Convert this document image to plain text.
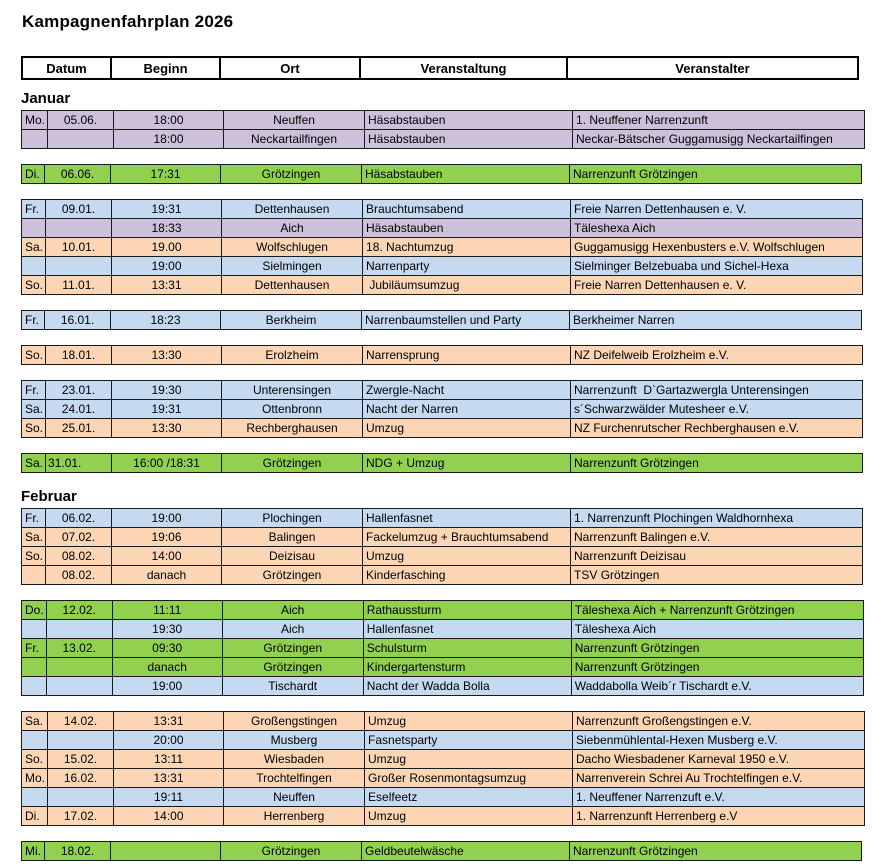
Kampagnenfahrplan 2026
Datum	Beginn	Ort	Veranstaltung	Veranstalter
Januar
Mo.	05.06.	18:00	Neuffen	Häsabstauben	1. Neuffener Narrenzunft
		18:00	Neckartailfingen	Häsabstauben	Neckar-Bätscher Guggamusigg Neckartailfingen
Di.	06.06.	17:31	Grötzingen	Häsabstauben	Narrenzunft Grötzingen
Fr.	09.01.	19:31	Dettenhausen	Brauchtumsabend	Freie Narren Dettenhausen e. V.
		18:33	Aich	Häsabstauben	Täleshexa Aich
Sa.	10.01.	19.00	Wolfschlugen	18. Nachtumzug	Guggamusigg Hexenbusters e.V. Wolfschlugen
		19:00	Sielmingen	Narrenparty	Sielminger Belzebuaba und Sichel-Hexa
So.	11.01.	13:31	Dettenhausen	Jubiläumsumzug	Freie Narren Dettenhausen e. V.
Fr.	16.01.	18:23	Berkheim	Narrenbaumstellen und Party	Berkheimer Narren
So.	18.01.	13:30	Erolzheim	Narrensprung	NZ Deifelweib Erolzheim e.V.
Fr.	23.01.	19:30	Unterensingen	Zwergle-Nacht	Narrenzunft  D`Gartazwergla Unterensingen
Sa.	24.01.	19:31	Ottenbronn	Nacht der Narren	s´Schwarzwälder Mutesheer e.V.
So.	25.01.	13:30	Rechberghausen	Umzug	NZ Furchenrutscher Rechberghausen e.V.
Sa.	31.01.	16:00 /18:31	Grötzingen	NDG + Umzug	Narrenzunft Grötzingen
Februar
Fr.	06.02.	19:00	Plochingen	Hallenfasnet	1. Narrenzunft Plochingen Waldhornhexa
Sa.	07.02.	19:06	Balingen	Fackelumzug + Brauchtumsabend	Narrenzunft Balingen e.V.
So.	08.02.	14:00	Deizisau	Umzug	Narrenzunft Deizisau
	08.02.	danach	Grötzingen	Kinderfasching	TSV Grötzingen
Do.	12.02.	11:11	Aich	Rathaussturm	Täleshexa Aich + Narrenzunft Grötzingen
		19:30	Aich	Hallenfasnet	Täleshexa Aich
Fr.	13.02.	09:30	Grötzingen	Schulsturm	Narrenzunft Grötzingen
		danach	Grötzingen	Kindergartensturm	Narrenzunft Grötzingen
		19:00	Tischardt	Nacht der Wadda Bolla	Waddabolla Weib´r Tischardt e.V.
Sa.	14.02.	13:31	Großengstingen	Umzug	Narrenzunft Großengstingen e.V.
		20:00	Musberg	Fasnetsparty	Siebenmühlental-Hexen Musberg e.V.
So.	15.02.	13:11	Wiesbaden	Umzug	Dacho Wiesbadener Karneval 1950 e.V.
Mo.	16.02.	13:31	Trochtelfingen	Großer Rosenmontagsumzug	Narrenverein Schrei Au Trochtelfingen e.V.
		19:11	Neuffen	Eselfeetz	1. Neuffener Narrenzuft e.V.
Di.	17.02.	14:00	Herrenberg	Umzug	1. Narrenzunft Herrenberg e.V
Mi.	18.02.		Grötzingen	Geldbeutelwäsche	Narrenzunft Grötzingen
